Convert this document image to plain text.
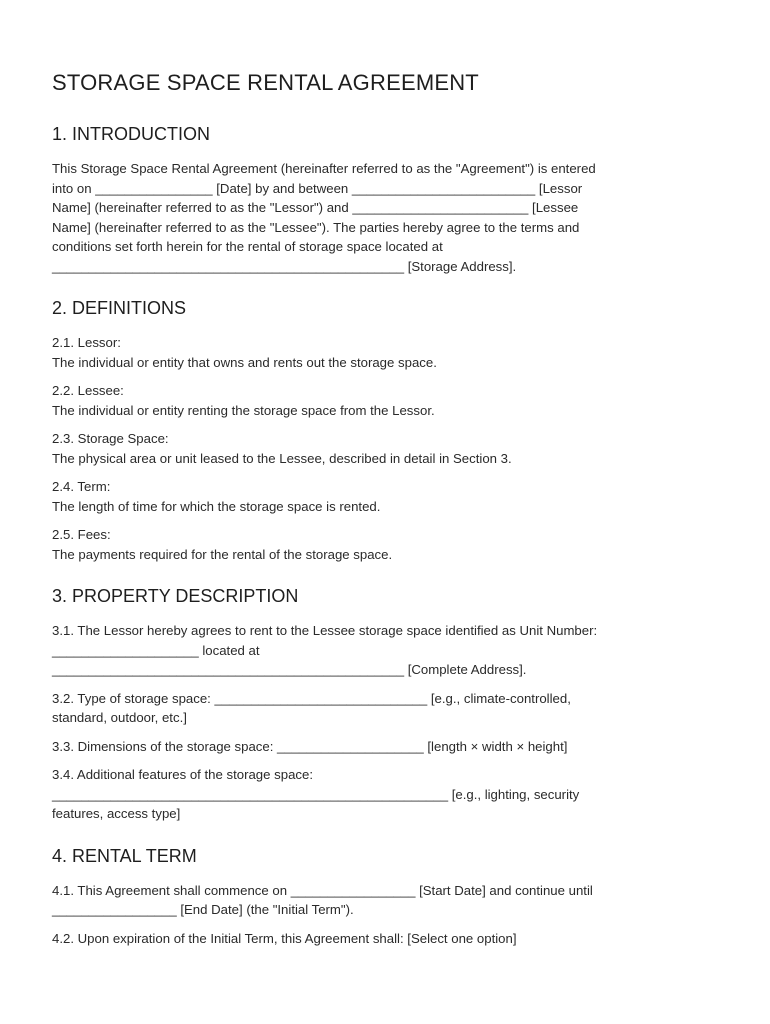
STORAGE SPACE RENTAL AGREEMENT
1. INTRODUCTION

This Storage Space Rental Agreement (hereinafter referred to as the "Agreement") is entered
into on ________________ [Date] by and between _________________________ [Lessor
Name] (hereinafter referred to as the "Lessor") and ________________________ [Lessee
Name] (hereinafter referred to as the "Lessee"). The parties hereby agree to the terms and
conditions set forth herein for the rental of storage space located at
________________________________________________ [Storage Address].

2. DEFINITIONS
2.1. Lessor:
The individual or entity that owns and rents out the storage space.
2.2. Lessee:
The individual or entity renting the storage space from the Lessor.
2.3. Storage Space:
The physical area or unit leased to the Lessee, described in detail in Section 3.
2.4. Term:
The length of time for which the storage space is rented.
2.5. Fees:
The payments required for the rental of the storage space.
3. PROPERTY DESCRIPTION

3.1. The Lessor hereby agrees to rent to the Lessee storage space identified as Unit Number:
____________________ located at
________________________________________________ [Complete Address].

3.2. Type of storage space: _____________________________ [e.g., climate-controlled,
standard, outdoor, etc.]

3.3. Dimensions of the storage space: ____________________ [length × width × height]

3.4. Additional features of the storage space:
______________________________________________________ [e.g., lighting, security
features, access type]

4. RENTAL TERM

4.1. This Agreement shall commence on _________________ [Start Date] and continue until
_________________ [End Date] (the "Initial Term").

4.2. Upon expiration of the Initial Term, this Agreement shall: [Select one option]
